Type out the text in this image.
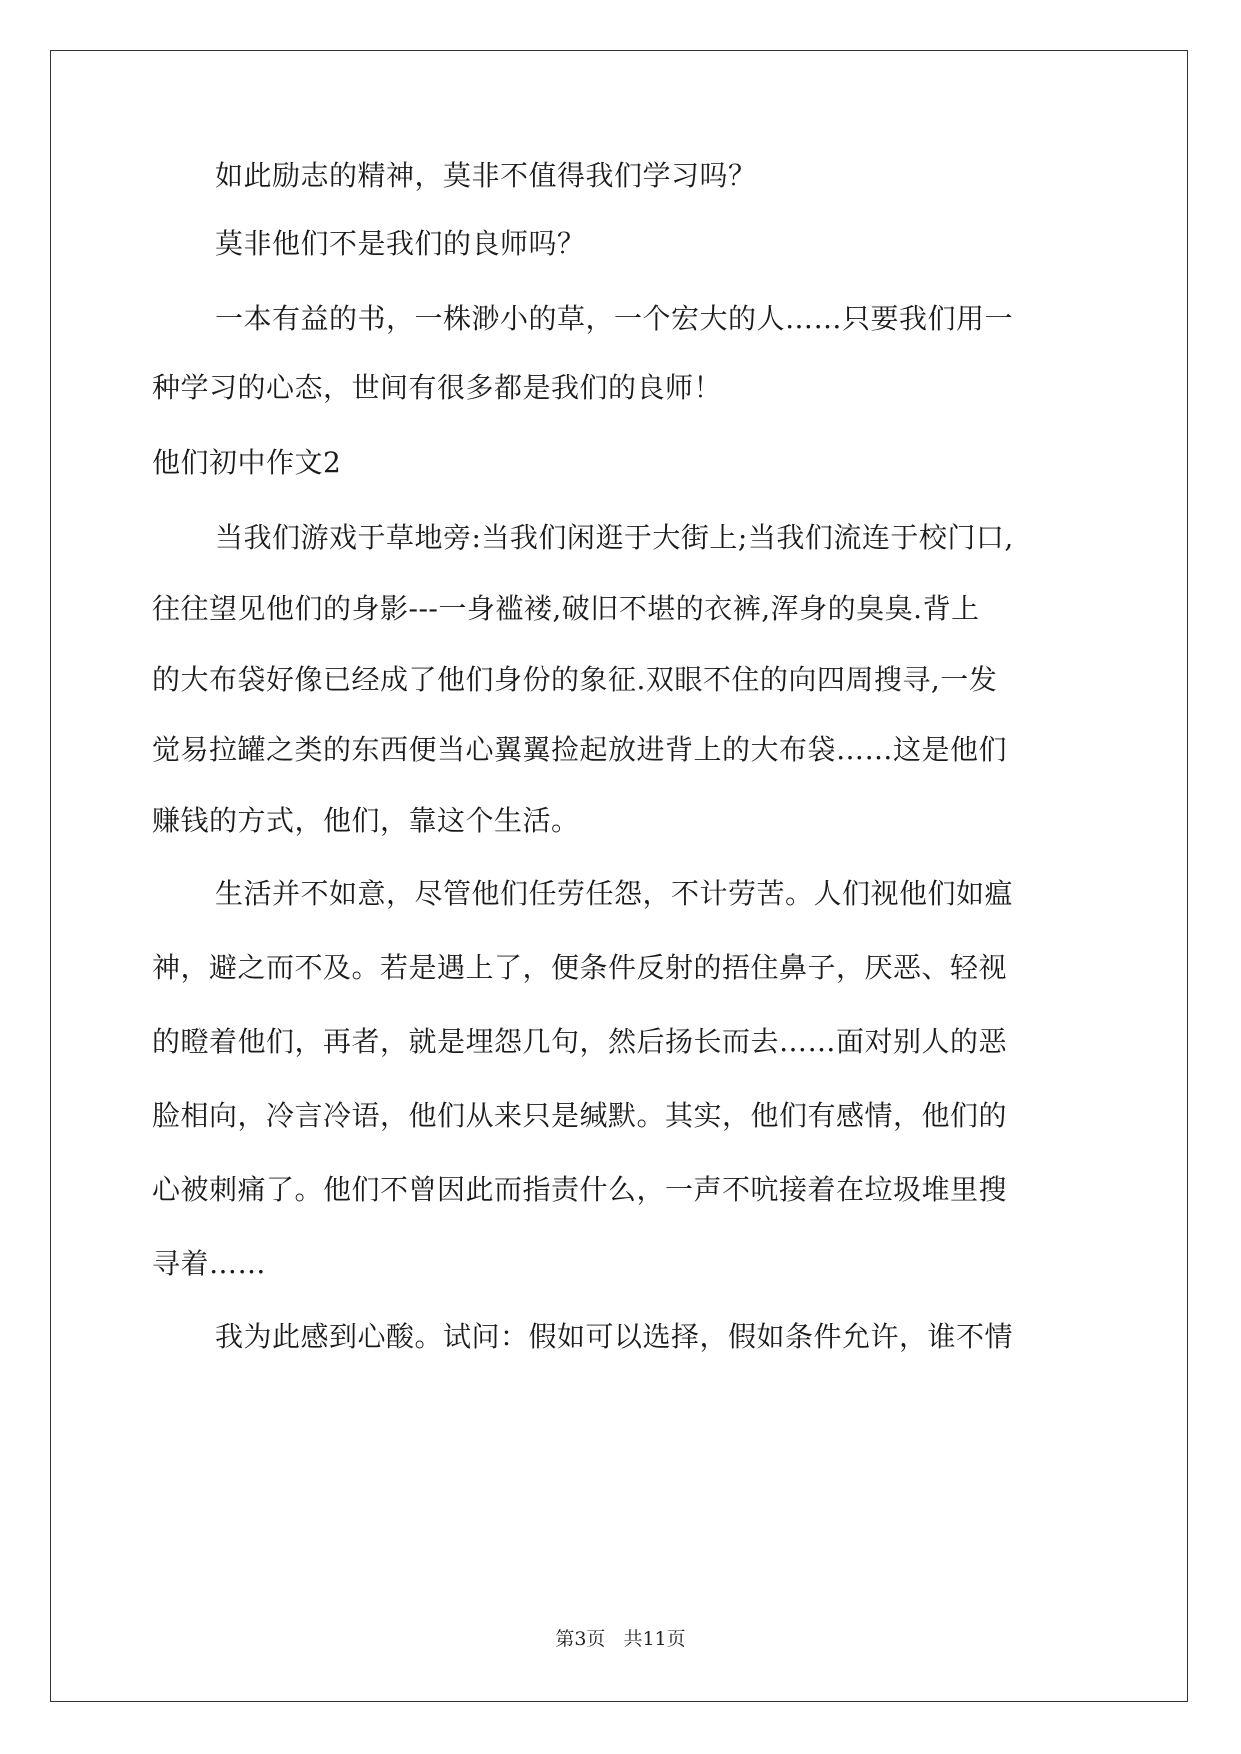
如此励志的精神，莫非不值得我们学习吗？
莫非他们不是我们的良师吗？
一本有益的书，一株渺小的草，一个宏大的人……只要我们用一
种学习的心态，世间有很多都是我们的良师！
他们初中作文2
当我们游戏于草地旁:当我们闲逛于大街上;当我们流连于校门口,
往往望见他们的身影---一身褴褛,破旧不堪的衣裤,浑身的臭臭.背上
的大布袋好像已经成了他们身份的象征.双眼不住的向四周搜寻,一发
觉易拉罐之类的东西便当心翼翼捡起放进背上的大布袋……这是他们
赚钱的方式，他们，靠这个生活。
生活并不如意，尽管他们任劳任怨，不计劳苦。人们视他们如瘟
神，避之而不及。若是遇上了，便条件反射的捂住鼻子，厌恶、轻视
的瞪着他们，再者，就是埋怨几句，然后扬长而去……面对别人的恶
脸相向，冷言冷语，他们从来只是缄默。其实，他们有感情，他们的
心被刺痛了。他们不曾因此而指责什么，一声不吭接着在垃圾堆里搜
寻着……
我为此感到心酸。试问：假如可以选择，假如条件允许，谁不情
第3页 共11页
